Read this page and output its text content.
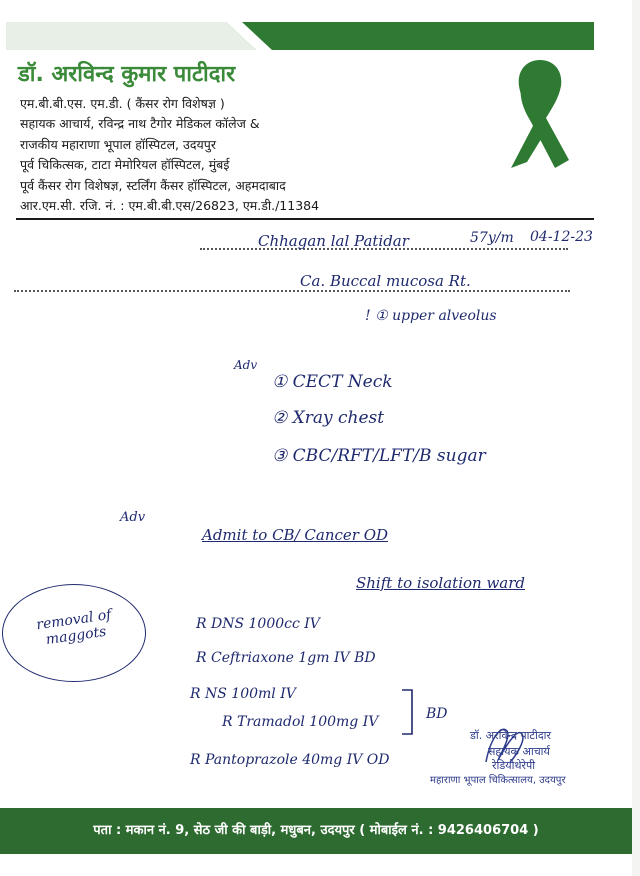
डॉ. अरविन्द कुमार पाटीदार
एम.बी.बी.एस. एम.डी. ( कैंसर रोग विशेषज्ञ )
सहायक आचार्य, रविन्द्र नाथ टैगोर मेडिकल कॉलेज &
राजकीय महाराणा भूपाल हॉस्पिटल, उदयपुर
पूर्व चिकित्सक, टाटा मेमोरियल हॉस्पिटल, मुंबई
पूर्व कैंसर रोग विशेषज्ञ, स्टर्लिंग कैंसर हॉस्पिटल, अहमदाबाद
आर.एम.सी. रजि. नं. : एम.बी.बी.एस/26823, एम.डी./11384
Chhagan lal Patidar	57y/m 04-12-23
Ca. Buccal mucosa Rt.
! ① upper alveolus
Adv
① CECT Neck
② Xray chest
③ CBC/RFT/LFT/B sugar
Adv
Admit to CB/ Cancer OD
Shift to isolation ward
removal of maggots	R DNS 1000cc IV
R Ceftriaxone 1gm IV BD
R NS 100ml IV
R Tramadol 100mg IV
R Pantoprazole 40mg IV OD
BD
डॉ. अरविन्द पाटीदार
सहायक आचार्य
रेडियोथेरेपी
महाराणा भूपाल चिकित्सालय, उदयपुर
पता : मकान नं. 9, सेठ जी की बाड़ी, मधुबन, उदयपुर ( मोबाईल नं. : 9426406704 )
